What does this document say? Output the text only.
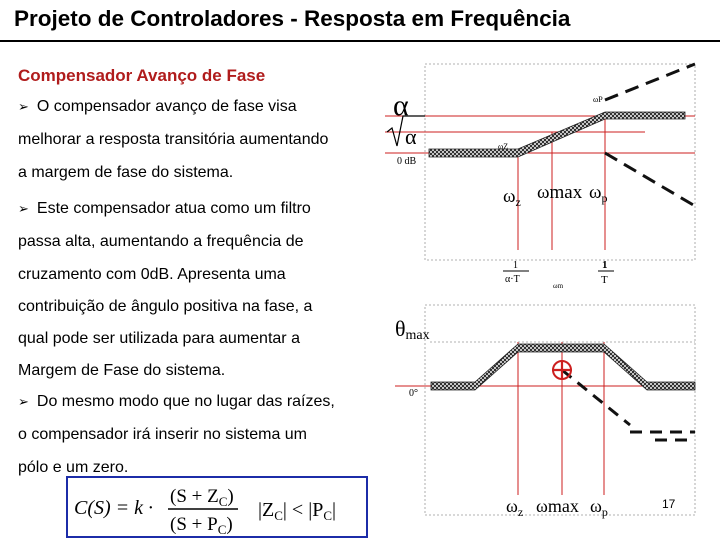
Projeto de Controladores - Resposta em Frequência
Compensador Avanço de Fase
➢ O compensador avanço de fase visa
melhorar a resposta transitória aumentando
a margem de fase do sistema.
➢ Este compensador atua como um filtro
passa alta, aumentando a frequência de
cruzamento com 0dB. Apresenta uma
contribuição de ângulo positiva na fase, a
qual pode ser utilizada para aumentar a
Margem de Fase do sistema.
➢ Do mesmo modo que no lugar das raízes,
o compensador irá inserir no sistema um
pólo e um zero.
C(S) = k ·
$(S + Z_C)$
$(S + P_C)$
$|Z_C| < |P_C|$
α
α
0 dB
ωP
ωZ
$\omega_z$ ωmax $\omega_p$
1
α·T
ωm
1
T
θmax
0°
$\omega_z$ ωmax $\omega_p$
17
